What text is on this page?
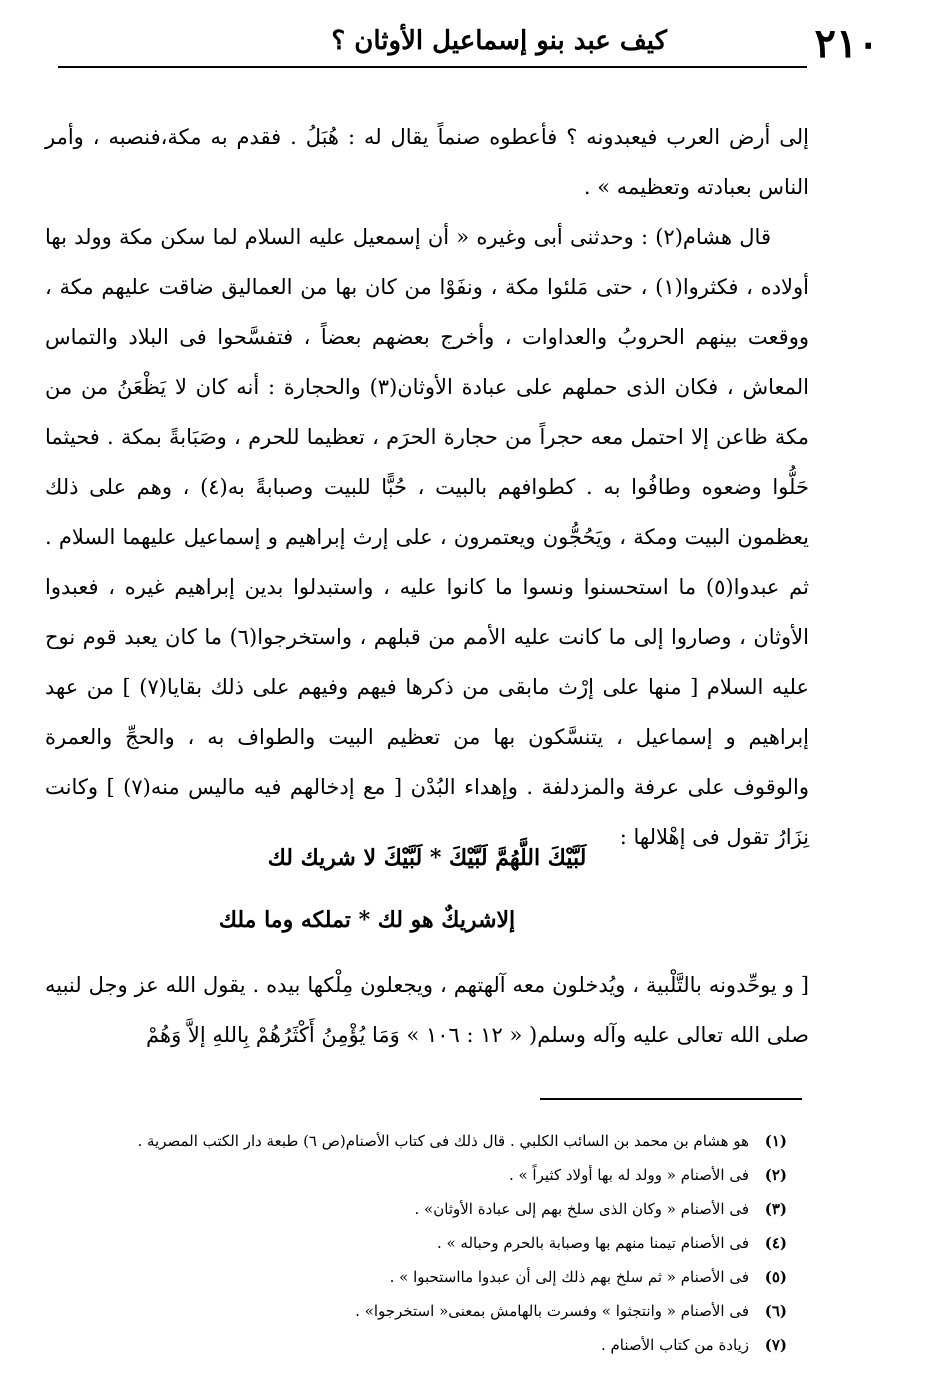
٢١٠
كيف عبد بنو إسماعيل الأوثان ؟

إلى أرض العرب فيعبدونه ؟ فأعطوه صنماً يقال له : هُبَلُ . فقدم به مكة،فنصبه ، وأمر الناس بعبادته وتعظيمه » .

قال هشام(٢) : وحدثنى أبى وغيره « أن إسمعيل عليه السلام لما سكن مكة وولد بها أولاده ، فكثروا(١) ، حتى مَلئوا مكة ، ونفَوْا من كان بها من العماليق ضاقت عليهم مكة ، ووقعت بينهم الحروبُ والعداوات ، وأخرج بعضهم بعضاً ، فتفسَّحوا فى البلاد والتماس المعاش ، فكان الذى حملهم على عبادة الأوثان(٣) والحجارة : أنه كان لا يَظْعَنُ من من مكة ظاعن إلا احتمل معه حجراً من حجارة الحرَم ، تعظيما للحرم ، وصَبَابةً بمكة . فحيثما حَلُّوا وضعوه وطافُوا به . كطوافهم بالبيت ، حُبًّا للبيت وصبابةً به(٤) ، وهم على ذلك يعظمون البيت ومكة ، ويَحُجُّون ويعتمرون ، على إرث إبراهيم و إسماعيل عليهما السلام . ثم عبدوا(٥) ما استحسنوا ونسوا ما كانوا عليه ، واستبدلوا بدين إبراهيم غيره ، فعبدوا الأوثان ، وصاروا إلى ما كانت عليه الأمم من قبلهم ، واستخرجوا(٦) ما كان يعبد قوم نوح عليه السلام [ منها على إرْث مابقى من ذكرها فيهم وفيهم على ذلك بقايا(٧) ] من عهد إبراهيم و إسماعيل ، يتنسَّكون بها من تعظيم البيت والطواف به ، والحجِّ والعمرة والوقوف على عرفة والمزدلفة . وإهداء البُدْن [ مع إدخالهم فيه ماليس منه(٧) ] وكانت نِزَارُ تقول فى إهْلالها :

لَبَّيْكَ اللَّهُمَّ لَبَّيْكَ * لَبَّيْكَ لا شريك لك
إلاشريكٌ هو لك * تملكه وما ملك

[ و يوحِّدونه بالتَّلْبية ، ويُدخلون معه آلهتهم ، ويجعلون مِلْكها بيده . يقول الله عز وجل لنبيه صلى الله تعالى عليه وآله وسلم( « ١٢ : ١٠٦ » وَمَا يُؤْمِنُ أَكْثَرُهُمْ بِاللهِ إلاَّ وَهُمْ

(١)هو هشام بن محمد بن السائب الكلبي . قال ذلك فى كتاب الأصنام(ص ٦) طبعة دار الكتب المصرية .
(٢)فى الأصنام « وولد له بها أولاد كثيراً » .
(٣)فى الأصنام « وكان الذى سلخ بهم إلى عبادة الأوثان» .
(٤)فى الأصنام تيمنا منهم بها وصبابة بالحرم وحباله » .
(٥)فى الأصنام « ثم سلخ بهم ذلك إلى أن عبدوا مااستحبوا » .
(٦)فى الأصنام « وانتجثوا » وفسرت بالهامش بمعنى« استخرجوا» .
(٧)زيادة من كتاب الأصنام .
